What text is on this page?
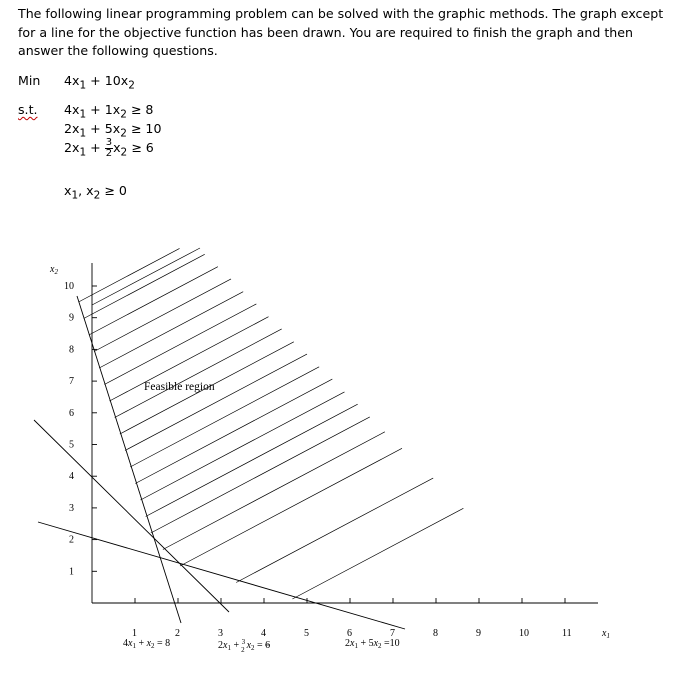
The following linear programming problem can be solved with the graphic methods. The graph except for a line for the objective function has been drawn. You are required to finish the graph and then answer the following questions.
Min $4x_1 + 10x_2$
s.t. $4x_1 + 1x_2 \ge 8$
$2x_1 + 5x_2 \ge 10$
$2x_1 + \frac{3}{2} x_2 \ge 6$
$x_1$, $x_2 \ge 0$
1	2	3	4	5	6	7	8	9	10	11
1
2
3
4
5
6
7
8
9
10
Feasible region
$x_2$
$x_1$
$4x_1 + x_2 = 8$	$2x_1 + ^3$ 2 $x_2 = 6$	$2x_1 + 5x_2 =10$
